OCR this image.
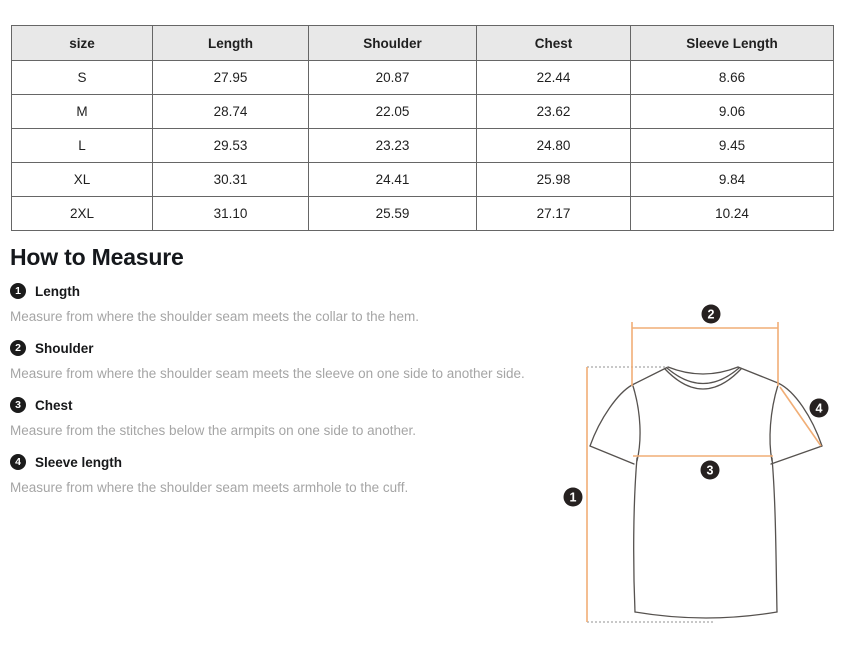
size	Length	Shoulder	Chest	Sleeve Length
S	27.95	20.87	22.44	8.66
M	28.74	22.05	23.62	9.06
L	29.53	23.23	24.80	9.45
XL	30.31	24.41	25.98	9.84
2XL	31.10	25.59	27.17	10.24
How to Measure
1	Length

Measure from where the shoulder seam meets the collar to the hem.

2	Shoulder

Measure from where the shoulder seam meets the sleeve on one side to another side.

3	Chest

Measure from the stitches below the armpits on one side to another.

4	Sleeve length

Measure from where the shoulder seam meets armhole to the cuff.

1
2
3
4
